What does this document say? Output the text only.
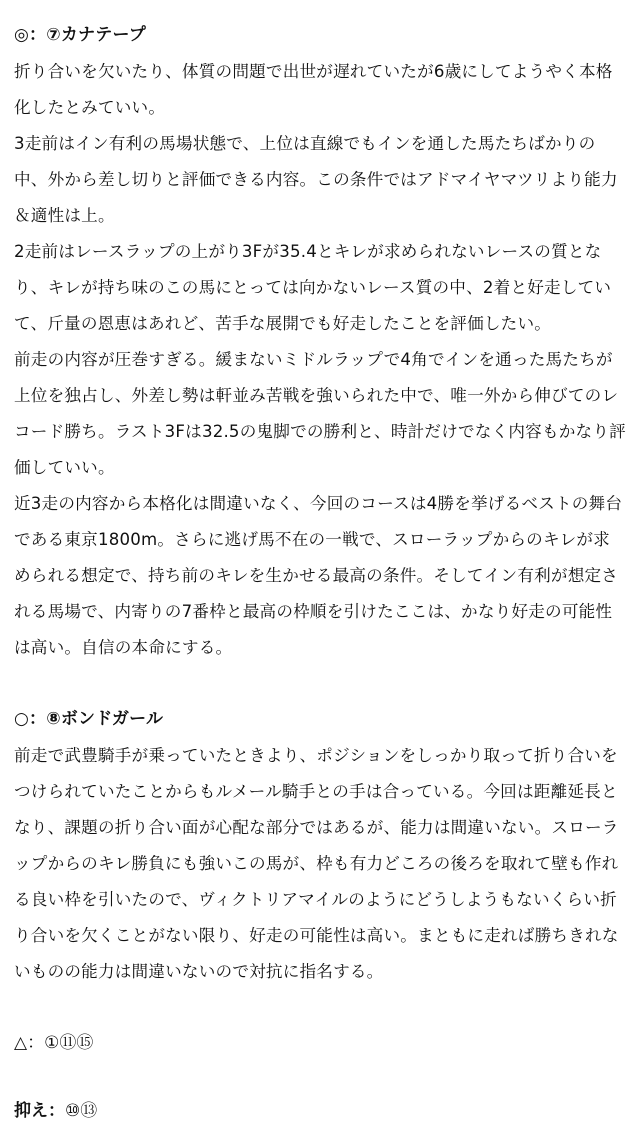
◎：⑦カナテープ

折り合いを欠いたり、体質の問題で出世が遅れていたが6歳にしてようやく本格化したとみていい。

3走前はイン有利の馬場状態で、上位は直線でもインを通した馬たちばかりの中、外から差し切りと評価できる内容。この条件ではアドマイヤマツリより能力＆適性は上。

2走前はレースラップの上がり3Fが35.4とキレが求められないレースの質となり、キレが持ち味のこの馬にとっては向かないレース質の中、2着と好走していて、斤量の恩恵はあれど、苦手な展開でも好走したことを評価したい。

前走の内容が圧巻すぎる。緩まないミドルラップで4角でインを通った馬たちが上位を独占し、外差し勢は軒並み苦戦を強いられた中で、唯一外から伸びてのレコード勝ち。ラスト3Fは32.5の鬼脚での勝利と、時計だけでなく内容もかなり評価していい。

近3走の内容から本格化は間違いなく、今回のコースは4勝を挙げるベストの舞台である東京1800m。さらに逃げ馬不在の一戦で、スローラップからのキレが求められる想定で、持ち前のキレを生かせる最高の条件。そしてイン有利が想定される馬場で、内寄りの7番枠と最高の枠順を引けたここは、かなり好走の可能性は高い。自信の本命にする。

○：⑧ボンドガール

前走で武豊騎手が乗っていたときより、ポジションをしっかり取って折り合いをつけられていたことからもルメール騎手との手は合っている。今回は距離延長となり、課題の折り合い面が心配な部分ではあるが、能力は間違いない。スローラップからのキレ勝負にも強いこの馬が、枠も有力どころの後ろを取れて壁も作れる良い枠を引いたので、ヴィクトリアマイルのようにどうしようもないくらい折り合いを欠くことがない限り、好走の可能性は高い。まともに走れば勝ちきれないものの能力は間違いないので対抗に指名する。

△：①⑪⑮

抑え：⑩⑬
